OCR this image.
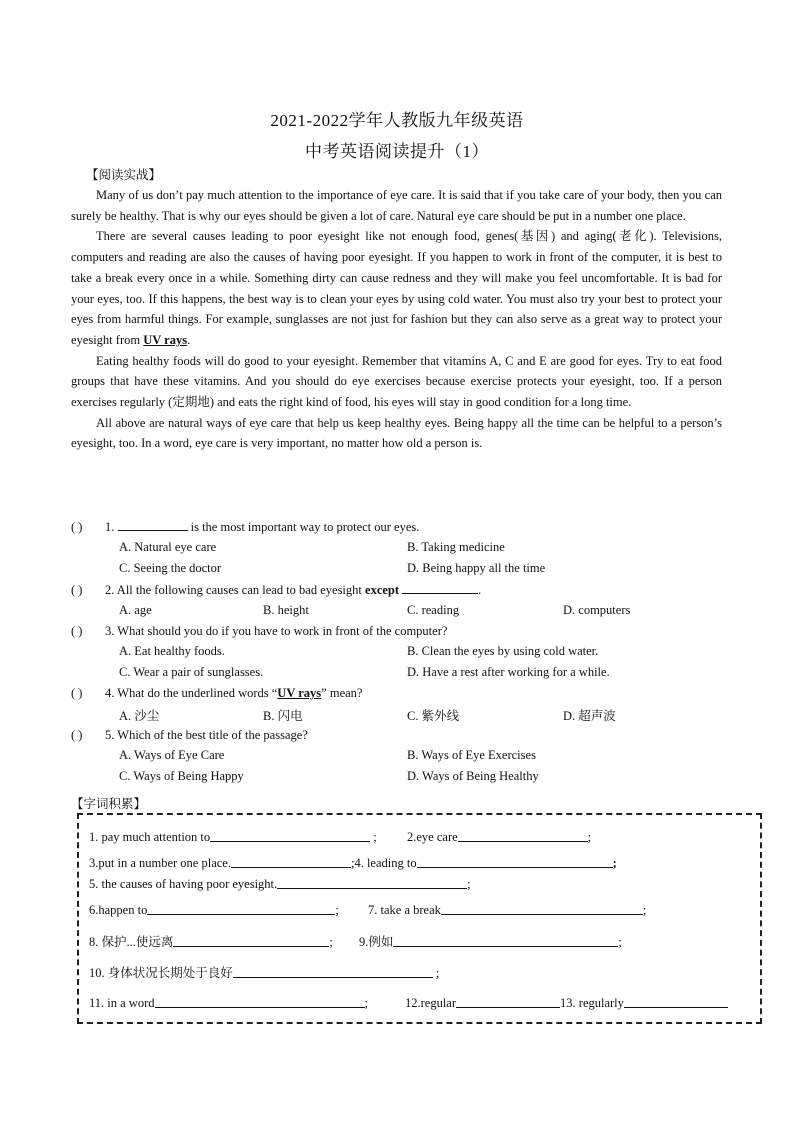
2021-2022学年人教版九年级英语
中考英语阅读提升（1）
【阅读实战】

Many of us don’t pay much attention to the importance of eye care. It is said that if you take care of your body, then you can surely be healthy. That is why our eyes should be given a lot of care. Natural eye care should be put in a number one place.

There are several causes leading to poor eyesight like not enough food, genes(基因) and aging(老化). Televisions, computers and reading are also the causes of having poor eyesight. If you happen to work in front of the computer, it is best to take a break every once in a while. Something dirty can cause redness and they will make you feel uncomfortable. It is bad for your eyes, too. If this happens, the best way is to clean your eyes by using cold water. You must also try your best to protect your eyes from harmful things. For example, sunglasses are not just for fashion but they can also serve as a great way to protect your eyesight from UV rays.

Eating healthy foods will do good to your eyesight. Remember that vitamins A, C and E are good for eyes. Try to eat food groups that have these vitamins. And you should do eye exercises because exercise protects your eyesight, too. If a person exercises regularly (定期地) and eats the right kind of food, his eyes will stay in good condition for a long time.

All above are natural ways of eye care that help us keep healthy eyes. Being happy all the time can be helpful to a person’s eyesight, too. In a word, eye care is very important, no matter how old a person is.

( ) 1.	is the most important way to protect our eyes.
A. Natural eye care	B. Taking medicine
C. Seeing the doctor	D. Being happy all the time
( ) 2. All the following causes can lead to bad eyesight except	.
A. age	B. height	C. reading	D. computers
( ) 3. What should you do if you have to work in front of the computer?
A. Eat healthy foods.	B. Clean the eyes by using cold water.
C. Wear a pair of sunglasses.	D. Have a rest after working for a while.
( ) 4. What do the underlined words “UV rays” mean?
A. 沙尘	B. 闪电	C. 紫外线	D. 超声波
( ) 5. Which of the best title of the passage?
A. Ways of Eye Care	B. Ways of Eye Exercises
C. Ways of Being Happy	D. Ways of Being Healthy
【字词积累】
1. pay much attention to	; 2.eye care	;
3.put in a number one place.	;4. leading to	;
5. the causes of having poor eyesight.	;
6.happen to	; 7. take a break	;
8. 保护...使远离	; 9.例如	;
10. 身体状况长期处于良好	;
11. in a word	;	12.regular	13. regularly
